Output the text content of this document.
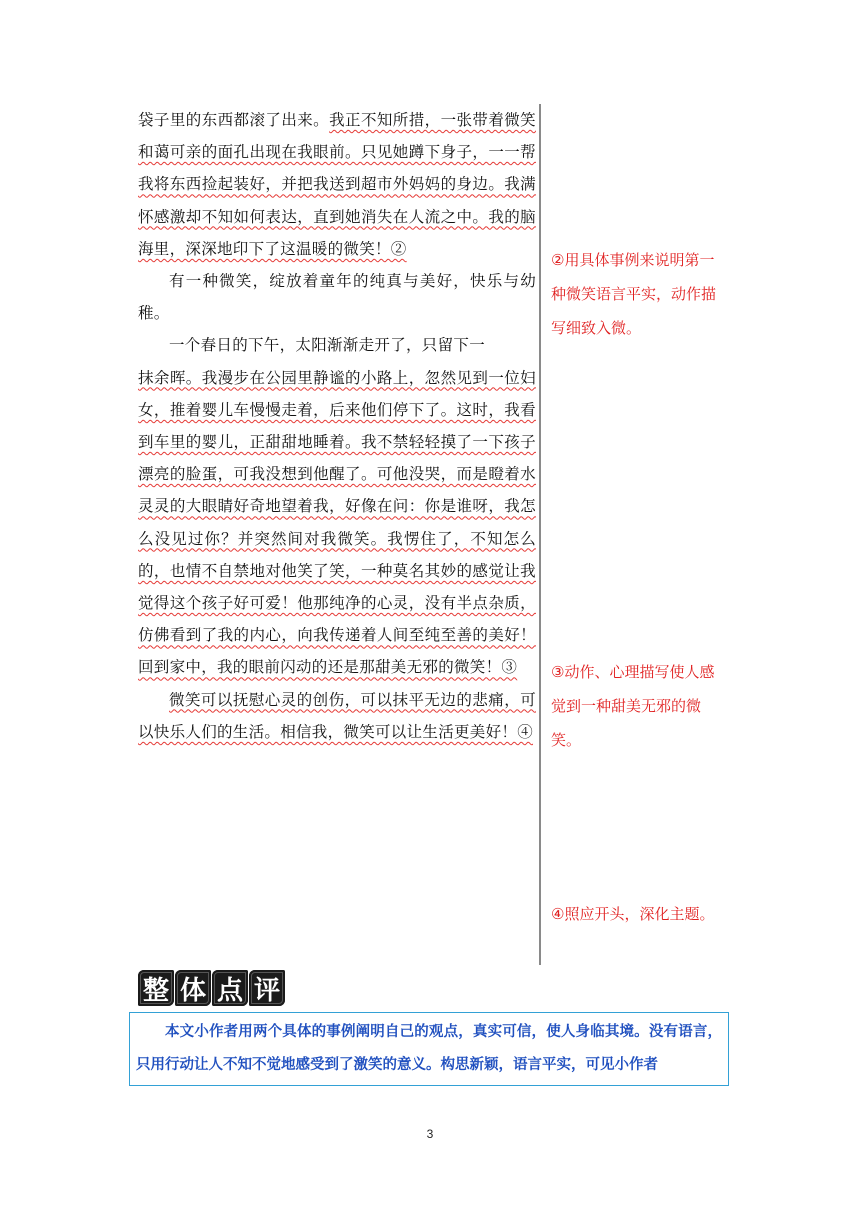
袋子里的东西都滚了出来。我正不知所措，一张带着微笑和蔼可亲的面孔出现在我眼前。只见她蹲下身子，一一帮我将东西捡起装好，并把我送到超市外妈妈的身边。我满怀感激却不知如何表达，直到她消失在人流之中。我的脑海里，深深地印下了这温暖的微笑！②

有一种微笑，绽放着童年的纯真与美好，快乐与幼稚。

一个春日的下午，太阳渐渐走开了，只留下一

抹余晖。我漫步在公园里静谧的小路上，忽然见到一位妇女，推着婴儿车慢慢走着，后来他们停下了。这时，我看到车里的婴儿，正甜甜地睡着。我不禁轻轻摸了一下孩子漂亮的脸蛋，可我没想到他醒了。可他没哭，而是瞪着水灵灵的大眼睛好奇地望着我，好像在问：你是谁呀，我怎么没见过你？并突然间对我微笑。我愣住了，不知怎么的，也情不自禁地对他笑了笑，一种莫名其妙的感觉让我觉得这个孩子好可爱！他那纯净的心灵，没有半点杂质，仿佛看到了我的内心，向我传递着人间至纯至善的美好！回到家中，我的眼前闪动的还是那甜美无邪的微笑！③

微笑可以抚慰心灵的创伤，可以抹平无边的悲痛，可以快乐人们的生活。相信我，微笑可以让生活更美好！④

②用具体事例来说明第一种微笑语言平实，动作描写细致入微。
③动作、心理描写使人感觉到一种甜美无邪的微笑。
④照应开头，深化主题。
整 体 点 评
本文小作者用两个具体的事例阐明自己的观点，真实可信，使人身临其境。没有语言，只用行动让人不知不觉地感受到了激笑的意义。构思新颖，语言平实，可见小作者
3
